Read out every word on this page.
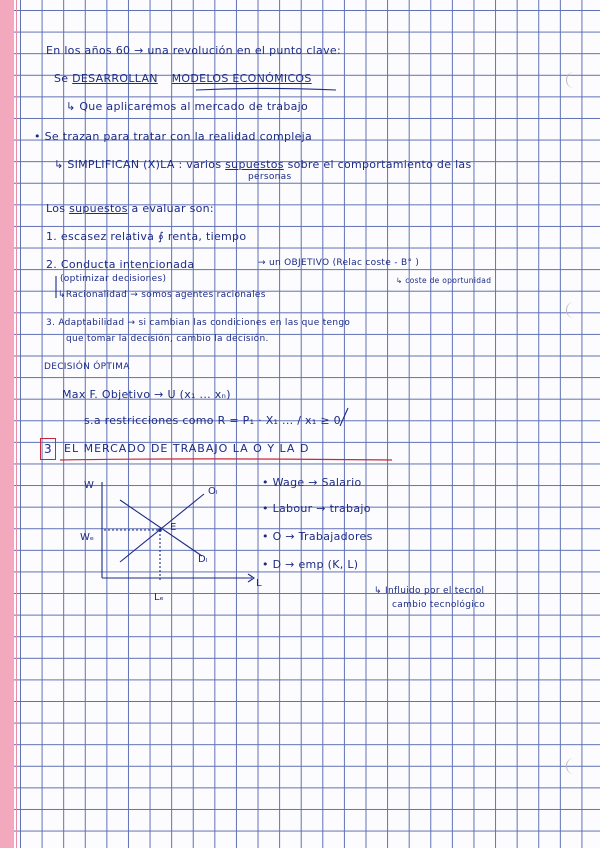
En los años 60 → una revolución en el punto clave:
Se DESARROLLAN MODELOS ECONÓMICOS
↳ Que aplicaremos al mercado de trabajo
• Se trazan para tratar con la realidad compleja
↳ SIMPLIFICAN (X)LA : varios supuestos sobre el comportamiento de las
personas
Los supuestos a evaluar son:
1. escasez relativa ∮ renta, tiempo
2. Conducta intencionada	→ un OBJETIVO (Relac coste - B° )
(optimizar decisiones)	↳ coste de oportunidad
↳Racionalidad → somos agentes racionales
3. Adaptabilidad → si cambian las condiciones en las que tengo
que tomar la decisión, cambio la decisión.
DECISIÓN ÓPTIMA
Max F. Objetivo → U (x₁ ... xₙ)
s.a restricciones como R = P₁ · X₁ ... / x₁ ≥ 0
3	EL MERCADO DE TRABAJO LA O Y LA D
W
L
Oₗ
Dₗ
E
Wₑ
Lₑ
• Wage → Salario
• Labour → trabajo
• O → Trabajadores
• D → emp (K, L)
↳ Influido por el tecnol
cambio tecnológico
